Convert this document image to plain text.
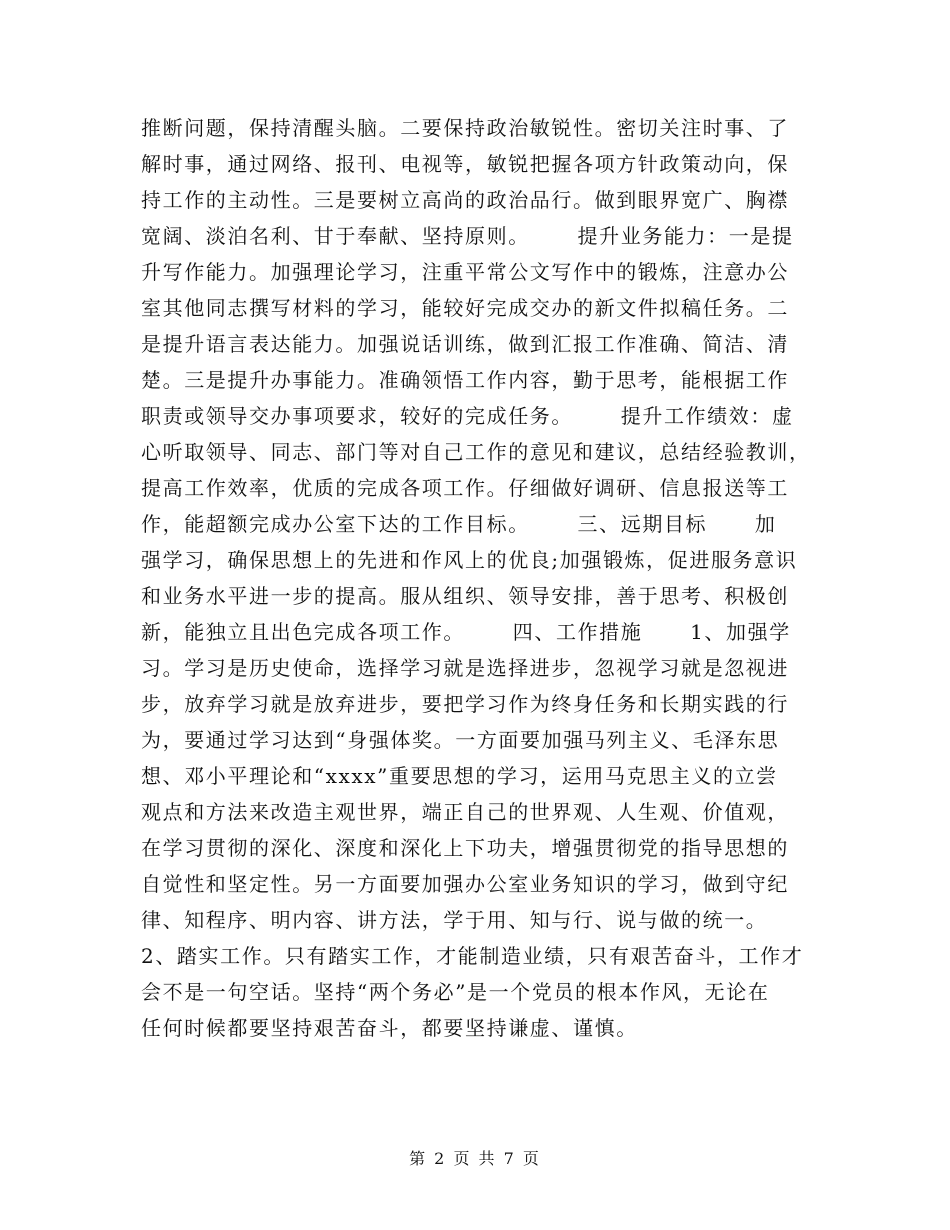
推断问题，保持清醒头脑。二要保持政治敏锐性。密切关注时事、了
解时事，通过网络、报刊、电视等，敏锐把握各项方针政策动向，保
持工作的主动性。三是要树立高尚的政治品行。做到眼界宽广、胸襟
宽阔、淡泊名利、甘于奉献、坚持原则。      提升业务能力：一是提
升写作能力。加强理论学习，注重平常公文写作中的锻炼，注意办公
室其他同志撰写材料的学习，能较好完成交办的新文件拟稿任务。二
是提升语言表达能力。加强说话训练，做到汇报工作准确、简洁、清
楚。三是提升办事能力。准确领悟工作内容，勤于思考，能根据工作
职责或领导交办事项要求，较好的完成任务。      提升工作绩效：虚
心听取领导、同志、部门等对自己工作的意见和建议，总结经验教训，
提高工作效率，优质的完成各项工作。仔细做好调研、信息报送等工
作，能超额完成办公室下达的工作目标。      三、远期目标      加
强学习，确保思想上的先进和作风上的优良;加强锻炼，促进服务意识
和业务水平进一步的提高。服从组织、领导安排，善于思考、积极创
新，能独立且出色完成各项工作。      四、工作措施      1、加强学
习。学习是历史使命，选择学习就是选择进步，忽视学习就是忽视进
步，放弃学习就是放弃进步，要把学习作为终身任务和长期实践的行
为，要通过学习达到“身强体奖。一方面要加强马列主义、毛泽东思
想、邓小平理论和“xxxx”重要思想的学习，运用马克思主义的立尝
观点和方法来改造主观世界，端正自己的世界观、人生观、价值观，
在学习贯彻的深化、深度和深化上下功夫，增强贯彻党的指导思想的
自觉性和坚定性。另一方面要加强办公室业务知识的学习，做到守纪
律、知程序、明内容、讲方法，学于用、知与行、说与做的统一。
2、踏实工作。只有踏实工作，才能制造业绩，只有艰苦奋斗，工作才
会不是一句空话。坚持“两个务必”是一个党员的根本作风，无论在
任何时候都要坚持艰苦奋斗，都要坚持谦虚、谨慎。
第 2 页 共 7 页
